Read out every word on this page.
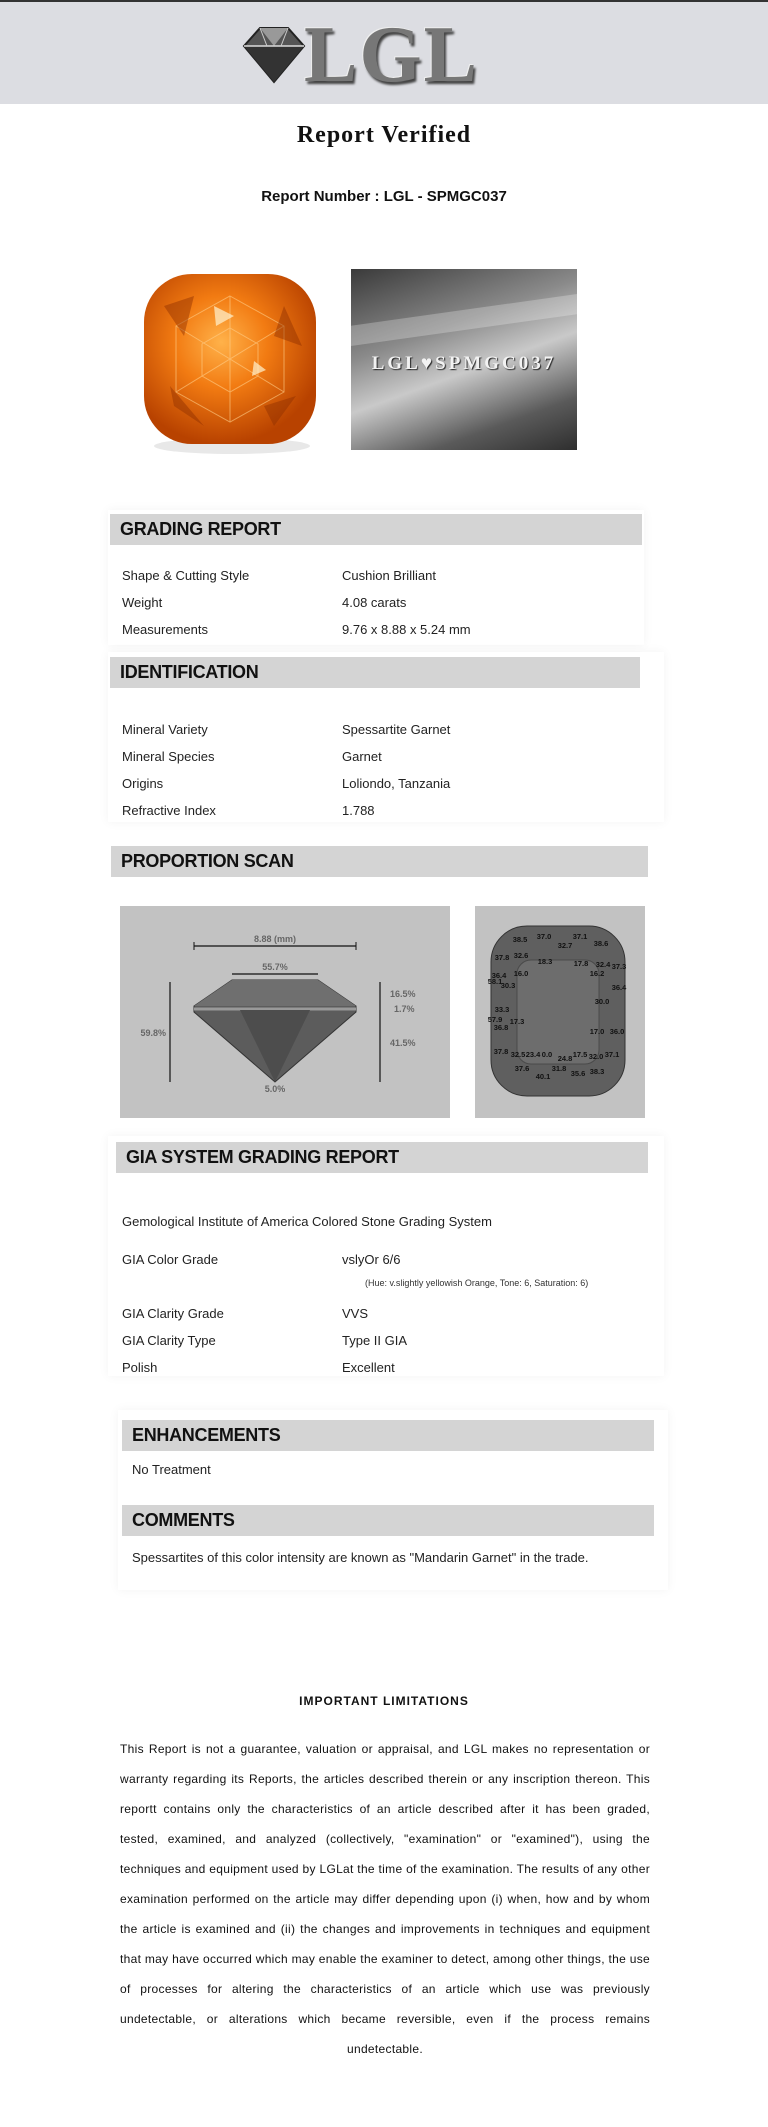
LGL
Report Verified
Report Number : LGL - SPMGC037
LGL♥SPMGC037
GRADING REPORT
Shape & Cutting Style	Cushion Brilliant
Weight	4.08 carats
Measurements	9.76 x 8.88 x 5.24 mm
IDENTIFICATION
Mineral Variety	Spessartite Garnet
Mineral Species	Garnet
Origins	Loliondo, Tanzania
Refractive Index	1.788
PROPORTION SCAN
8.88 (mm)
55.7%
59.8%
16.5%
1.7%
41.5%
5.0%
38.5 37.0	37.1
32.7	38.6
37.8 32.6
18.3	17.8 32.4 37.3
36.4 16.0	16.2
58.1
30.3	36.4
30.0
33.3
57.9 17.3
36.8	17.0 36.0
37.8 32.5 23.4 0.0 24.8 17.5 32.0 37.1
37.6	31.8
35.6 38.3
40.1
GIA SYSTEM GRADING REPORT
Gemological Institute of America Colored Stone Grading System
GIA Color Grade	vslyOr 6/6
(Hue: v.slightly yellowish Orange, Tone: 6, Saturation: 6)
GIA Clarity Grade	VVS
GIA Clarity Type	Type II GIA
Polish	Excellent
ENHANCEMENTS
No Treatment
COMMENTS
Spessartites of this color intensity are known as "Mandarin Garnet" in the trade.
IMPORTANT LIMITATIONS
This Report is not a guarantee, valuation or appraisal, and LGL makes no representation or warranty regarding its Reports, the articles described therein or any inscription thereon. This reportt contains only the characteristics of an article described after it has been graded, tested, examined, and analyzed (collectively, "examination" or "examined"), using the techniques and equipment used by LGLat the time of the examination. The results of any other examination performed on the article may differ depending upon (i) when, how and by whom the article is examined and (ii) the changes and improvements in techniques and equipment that may have occurred which may enable the examiner to detect, among other things, the use of processes for altering the characteristics of an article which use was previously undetectable, or alterations which became reversible, even if the process remains undetectable.
